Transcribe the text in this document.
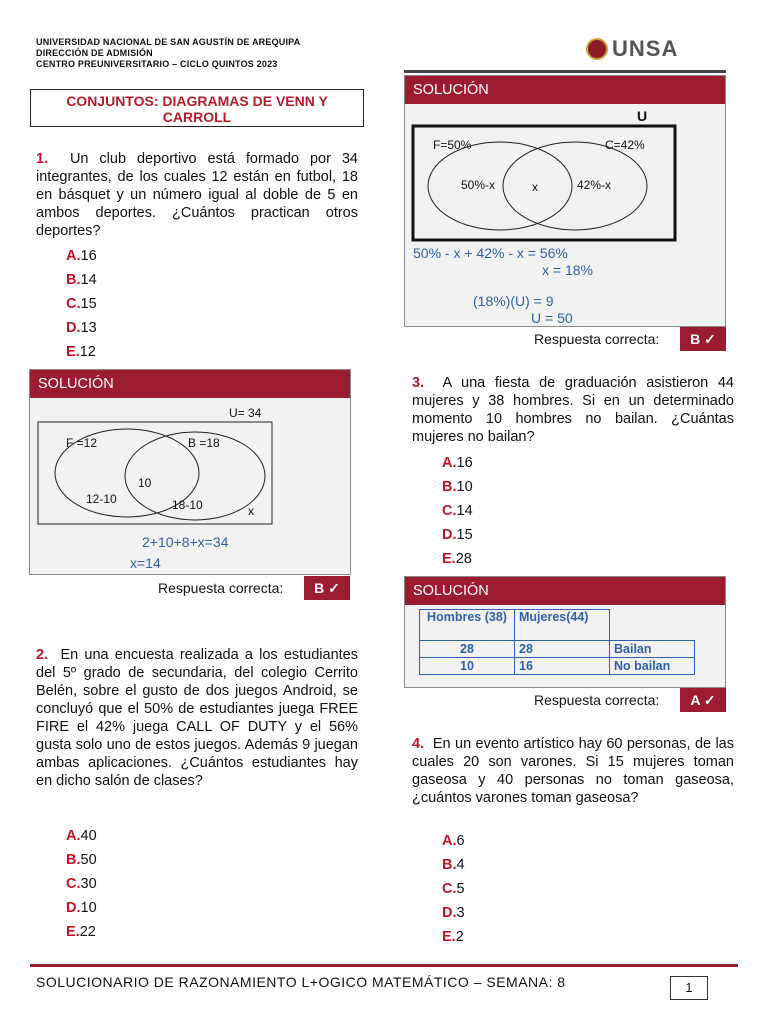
UNIVERSIDAD NACIONAL DE SAN AGUSTÍN DE AREQUIPA
DIRECCIÓN DE ADMISIÓN
CENTRO PREUNIVERSITARIO – CICLO QUINTOS 2023
UNSA
CONJUNTOS: DIAGRAMAS DE VENN Y CARROLL
1. Un club deportivo está formado por 34 integrantes, de los cuales 12 están en futbol, 18 en básquet y un número igual al doble de 5 en ambos deportes. ¿Cuántos practican otros deportes?
A.16
B.14
C.15
D.13
E.12
SOLUCIÓN
U= 34
F =12	B =18
10
12-10	18-10	x
2+10+8+x=34
x=14
Respuesta correcta:	B ✓
2. En una encuesta realizada a los estudiantes del 5º grado de secundaria, del colegio Cerrito Belén, sobre el gusto de dos juegos Android, se concluyó que el 50% de estudiantes juega FREE FIRE el 42% juega CALL OF DUTY y el 56% gusta solo uno de estos juegos. Además 9 juegan ambas aplicaciones. ¿Cuántos estudiantes hay en dicho salón de clases?
A.40
B.50
C.30
D.10
E.22
SOLUCIÓN
U
F=50%	C=42%
50%-x	x	42%-x
50% - x + 42% - x = 56%
x = 18%
(18%)(U) = 9
U = 50
Respuesta correcta:	B ✓
3. A una fiesta de graduación asistieron 44 mujeres y 38 hombres. Si en un determinado momento 10 hombres no bailan. ¿Cuántas mujeres no bailan?
A.16
B.10
C.14
D.15
E.28
SOLUCIÓN
Hombres (38)	Mujeres(44)	
28	28	Bailan
10	16	No bailan
Respuesta correcta:	A ✓
4. En un evento artístico hay 60 personas, de las cuales 20 son varones. Si 15 mujeres toman gaseosa y 40 personas no toman gaseosa, ¿cuántos varones toman gaseosa?
A.6
B.4
C.5
D.3
E.2
SOLUCIONARIO DE RAZONAMIENTO L+OGICO MATEMÁTICO – SEMANA: 8	1
